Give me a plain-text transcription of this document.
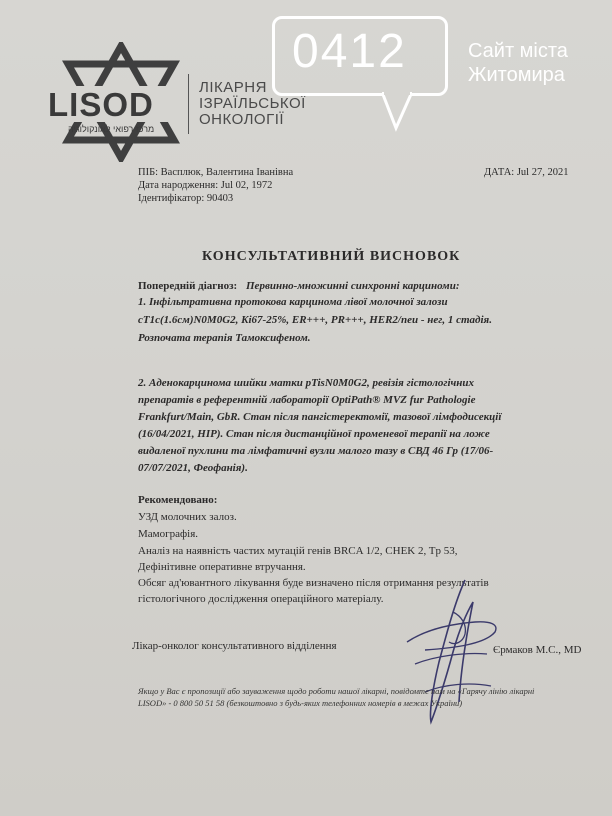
LISOD
מרכז רפואי לאונקולוגיה
ЛІКАРНЯ
ІЗРАЇЛЬСЬКОЇ
ОНКОЛОГІЇ
0412	Сайт міста
Житомира
ПІБ: Васплюк, Валентина Іванівна
Дата народження: Jul 02, 1972
Ідентифікатор: 90403
ДАТА: Jul 27, 2021
КОНСУЛЬТАТИВНИЙ ВИСНОВОК
Попередній діагноз: Первинно-множинні синхронні карциноми:
1. Інфільтративна протокова карцинома лівої молочної залози
cT1c(1.6см)N0M0G2, Ki67-25%, ER+++, PR+++, HER2/neu - нег, 1 стадія.
Розпочата терапія Тамоксифеном.
2. Аденокарцинома шийки матки pTisN0M0G2, ревізія гістологічних
препаратів в референтній лабораторії OptiPath® MVZ fur Pathologie
Frankfurt/Main, GbR. Стан після пангістеректомії, тазової лімфодисекції
(16/04/2021, HIP). Стан після дистанційної променевої терапії на ложе
видаленої пухлини та лімфатичні вузли малого тазу в СВД 46 Гр (17/06-
07/07/2021, Феофанія).
Рекомендовано:
УЗД молочних залоз.
Мамографія.
Аналіз на наявність частих мутацій генів BRCA 1/2, CHEK 2, Tp 53,
Дефінітивне оперативне втручання.
Обсяг ад'ювантного лікування буде визначено після отримання результатів
гістологічного дослідження операційного матеріалу.
Лікар-онколог консультативного відділення	Єрмаков М.С., MD
Якщо у Вас є пропозиції або зауваження щодо роботи нашої лікарні, повідомте нам на «Гарячу лінію лікарні
LISOD» - 0 800 50 51 58 (безкоштовно з будь-яких телефонних номерів в межах України)
